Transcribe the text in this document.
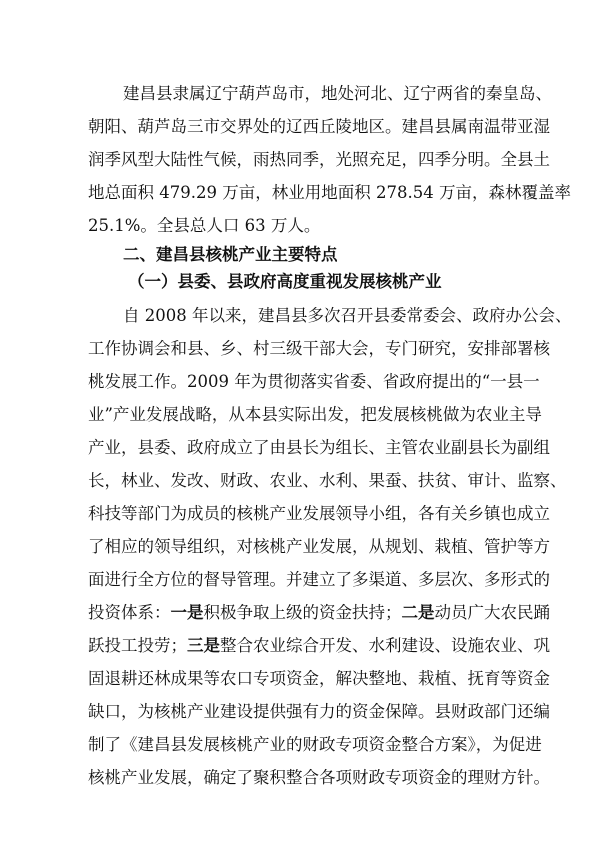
建昌县隶属辽宁葫芦岛市，地处河北、辽宁两省的秦皇岛、
朝阳、葫芦岛三市交界处的辽西丘陵地区。建昌县属南温带亚湿
润季风型大陆性气候，雨热同季，光照充足，四季分明。全县土
地总面积 479.29 万亩，林业用地面积 278.54 万亩，森林覆盖率
25.1%。全县总人口 63 万人。
二、建昌县核桃产业主要特点
（一）县委、县政府高度重视发展核桃产业
自 2008 年以来，建昌县多次召开县委常委会、政府办公会、
工作协调会和县、乡、村三级干部大会，专门研究，安排部署核
桃发展工作。2009 年为贯彻落实省委、省政府提出的“一县一
业”产业发展战略，从本县实际出发，把发展核桃做为农业主导
产业，县委、政府成立了由县长为组长、主管农业副县长为副组
长，林业、发改、财政、农业、水利、果蚕、扶贫、审计、监察、
科技等部门为成员的核桃产业发展领导小组，各有关乡镇也成立
了相应的领导组织，对核桃产业发展，从规划、栽植、管护等方
面进行全方位的督导管理。并建立了多渠道、多层次、多形式的
投资体系：一是积极争取上级的资金扶持；二是动员广大农民踊
跃投工投劳；三是整合农业综合开发、水利建设、设施农业、巩
固退耕还林成果等农口专项资金，解决整地、栽植、抚育等资金
缺口，为核桃产业建设提供强有力的资金保障。县财政部门还编
制了《建昌县发展核桃产业的财政专项资金整合方案》，为促进
核桃产业发展，确定了聚积整合各项财政专项资金的理财方针。
